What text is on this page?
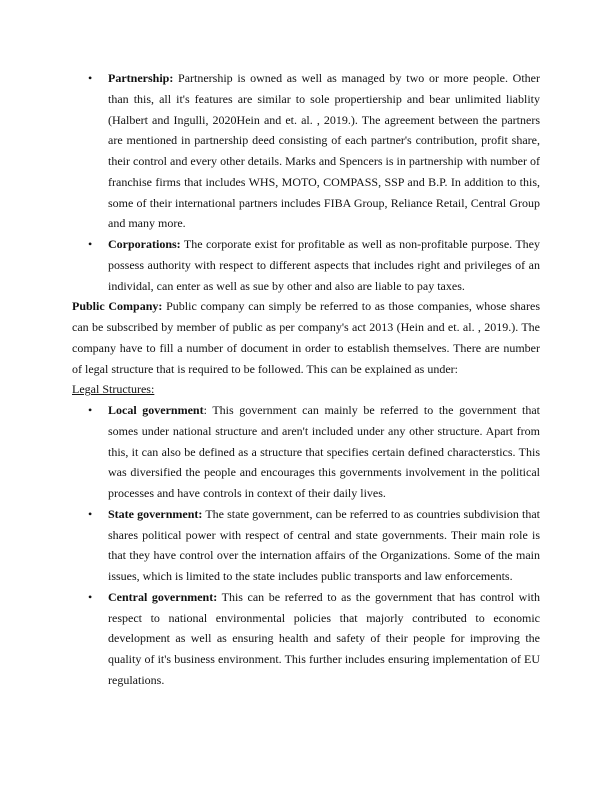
• Partnership: Partnership is owned as well as managed by two or more people. Other than this, all it's features are similar to sole propertiership and bear unlimited liablity (Halbert and Ingulli, 2020Hein and et. al. , 2019.). The agreement between the partners are mentioned in partnership deed consisting of each partner's contribution, profit share, their control and every other details. Marks and Spencers is in partnership with number of franchise firms that includes WHS, MOTO, COMPASS, SSP and B.P. In addition to this, some of their international partners includes FIBA Group, Reliance Retail, Central Group and many more.
• Corporations: The corporate exist for profitable as well as non-profitable purpose. They possess authority with respect to different aspects that includes right and privileges of an individal, can enter as well as sue by other and also are liable to pay taxes.

Public Company: Public company can simply be referred to as those companies, whose shares can be subscribed by member of public as per company's act 2013 (Hein and et. al. , 2019.). The company have to fill a number of document in order to establish themselves. There are number of legal structure that is required to be followed. This can be explained as under:

Legal Structures:

• Local government: This government can mainly be referred to the government that somes under national structure and aren't included under any other structure. Apart from this, it can also be defined as a structure that specifies certain defined characterstics. This was diversified the people and encourages this governments involvement in the political processes and have controls in context of their daily lives.
• State government: The state government, can be referred to as countries subdivision that shares political power with respect of central and state governments. Their main role is that they have control over the internation affairs of the Organizations. Some of the main issues, which is limited to the state includes public transports and law enforcements.
• Central government: This can be referred to as the government that has control with respect to national environmental policies that majorly contributed to economic development as well as ensuring health and safety of their people for improving the quality of it's business environment. This further includes ensuring implementation of EU regulations.
